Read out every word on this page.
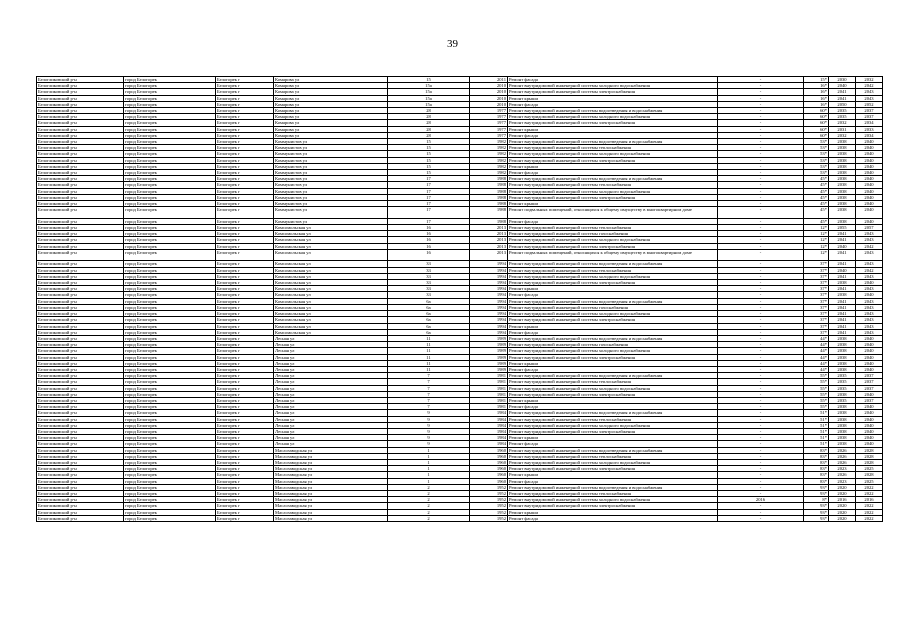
39
Белогликовский р-н	город Белогорек	Белогорек г	Комарова ул	15	2011	Ремонт фасада	-	15*	2030	2032
Белогликовский р-н	город Белогорек	Белогорек г	Комарова ул	15а	2010	Ремонт внутридомовой инженерной системы холодного водоснабжения	-	16*	2040	2042
Белогликовский р-н	город Белогорек	Белогорек г	Комарова ул	15а	2010	Ремонт внутридомовой инженерной системы электроснабжения	-	16*	2041	2043
Белогликовский р-н	город Белогорек	Белогорек г	Комарова ул	15а	2010	Ремонт крыши	-	16*	2041	2043
Белогликовский р-н	город Белогорек	Белогорек г	Комарова ул	15а	2010	Ремонт фасада	-	16*	2050	2052
Белогликовский р-н	город Белогорек	Белогорек г	Комарова ул	28	1977	Ремонт внутридомовой инженерной системы водоотведения и водоснабжения	-	60*	2035	2037
Белогликовский р-н	город Белогорек	Белогорек г	Комарова ул	28	1977	Ремонт внутридомовой инженерной системы холодного водоснабжения	-	60*	2035	2037
Белогликовский р-н	город Белогорек	Белогорек г	Комарова ул	28	1977	Ремонт внутридомовой инженерной системы электроснабжения	-	60*	2032	2034
Белогликовский р-н	город Белогорек	Белогорек г	Комарова ул	28	1977	Ремонт крыши	-	60*	2031	2033
Белогликовский р-н	город Белогорек	Белогорек г	Комарова ул	28	1977	Ремонт фасада	-	60*	2032	2034
Белогликовский р-н	город Белогорек	Белогорек г	Коммунистов ул	15	1982	Ремонт внутридомовой инженерной системы водоотведения и водоснабжения	-	53*	2038	2040
Белогликовский р-н	город Белогорек	Белогорек г	Коммунистов ул	15	1982	Ремонт внутридомовой инженерной системы теплоснабжения	-	53*	2038	2040
Белогликовский р-н	город Белогорек	Белогорек г	Коммунистов ул	15	1982	Ремонт внутридомовой инженерной системы холодного водоснабжения	-	53*	2038	2040
Белогликовский р-н	город Белогорек	Белогорек г	Коммунистов ул	15	1982	Ремонт внутридомовой инженерной системы электроснабжения	-	53*	2038	2040
Белогликовский р-н	город Белогорек	Белогорек г	Коммунистов ул	15	1982	Ремонт крыши	-	53*	2038	2040
Белогликовский р-н	город Белогорек	Белогорек г	Коммунистов ул	15	1982	Ремонт фасада	-	53*	2038	2040
Белогликовский р-н	город Белогорек	Белогорек г	Коммунистов ул	17	1988	Ремонт внутридомовой инженерной системы водоотведения и водоснабжения	-	45*	2038	2040
Белогликовский р-н	город Белогорек	Белогорек г	Коммунистов ул	17	1988	Ремонт внутридомовой инженерной системы теплоснабжения	-	45*	2038	2040
Белогликовский р-н	город Белогорек	Белогорек г	Коммунистов ул	17	1988	Ремонт внутридомовой инженерной системы холодного водоснабжения	-	45*	2038	2040
Белогликовский р-н	город Белогорек	Белогорек г	Коммунистов ул	17	1988	Ремонт внутридомовой инженерной системы электроснабжения	-	45*	2038	2040
Белогликовский р-н	город Белогорек	Белогорек г	Коммунистов ул	17	1988	Ремонт крыши	-	45*	2038	2040
Белогликовский р-н	город Белогорек	Белогорек г	Коммунистов ул	17	1988	Ремонт подвальных помещений, относящихся к общему имуществу в многоквартирном доме	-	45*	2038	2040
Белогликовский р-н	город Белогорек	Белогорек г	Коммунистов ул	17	1988	Ремонт фасада	-	45*	2038	2040
Белогликовский р-н	город Белогорек	Белогорек г	Комсомольская ул	16	2013	Ремонт внутридомовой инженерной системы теплоснабжения	-	12*	2055	2057
Белогликовский р-н	город Белогорек	Белогорек г	Комсомольская ул	16	2013	Ремонт внутридомовой инженерной системы газоснабжения	-	12*	2041	2043
Белогликовский р-н	город Белогорек	Белогорек г	Комсомольская ул	16	2013	Ремонт внутридомовой инженерной системы холодного водоснабжения	-	12*	2041	2043
Белогликовский р-н	город Белогорек	Белогорек г	Комсомольская ул	16	2013	Ремонт внутридомовой инженерной системы электроснабжения	-	12*	2040	2042
Белогликовский р-н	город Белогорек	Белогорек г	Комсомольская ул	16	2013	Ремонт подвальных помещений, относящихся к общему имуществу в многоквартирном доме	-	12*	2041	2043
Белогликовский р-н	город Белогорек	Белогорек г	Комсомольская ул	33	1994	Ремонт внутридомовой инженерной системы водоотведения и водоснабжения	-	37*	2041	2043
Белогликовский р-н	город Белогорек	Белогорек г	Комсомольская ул	33	1994	Ремонт внутридомовой инженерной системы теплоснабжения	-	37*	2040	2042
Белогликовский р-н	город Белогорек	Белогорек г	Комсомольская ул	33	1994	Ремонт внутридомовой инженерной системы холодного водоснабжения	-	37*	2041	2043
Белогликовский р-н	город Белогорек	Белогорек г	Комсомольская ул	33	1994	Ремонт внутридомовой инженерной системы электроснабжения	-	37*	2038	2040
Белогликовский р-н	город Белогорек	Белогорек г	Комсомольская ул	33	1994	Ремонт крыши	-	37*	2041	2043
Белогликовский р-н	город Белогорек	Белогорек г	Комсомольская ул	33	1994	Ремонт фасада	-	37*	2038	2040
Белогликовский р-н	город Белогорек	Белогорек г	Комсомольская ул	6а	1994	Ремонт внутридомовой инженерной системы водоотведения и водоснабжения	-	37*	2041	2043
Белогликовский р-н	город Белогорек	Белогорек г	Комсомольская ул	6а	1994	Ремонт внутридомовой инженерной системы газоснабжения	-	37*	2041	2043
Белогликовский р-н	город Белогорек	Белогорек г	Комсомольская ул	6а	1994	Ремонт внутридомовой инженерной системы холодного водоснабжения	-	37*	2041	2043
Белогликовский р-н	город Белогорек	Белогорек г	Комсомольская ул	6а	1994	Ремонт внутридомовой инженерной системы электроснабжения	-	37*	2041	2043
Белогликовский р-н	город Белогорек	Белогорек г	Комсомольская ул	6а	1994	Ремонт крыши	-	37*	2041	2043
Белогликовский р-н	город Белогорек	Белогорек г	Комсомольская ул	6а	1994	Ремонт фасада	-	37*	2041	2043
Белогликовский р-н	город Белогорек	Белогорек г	Лесная ул	11	1989	Ремонт внутридомовой инженерной системы водоотведения и водоснабжения	-	44*	2038	2040
Белогликовский р-н	город Белогорек	Белогорек г	Лесная ул	11	1989	Ремонт внутридомовой инженерной системы газоснабжения	-	44*	2038	2040
Белогликовский р-н	город Белогорек	Белогорек г	Лесная ул	11	1989	Ремонт внутридомовой инженерной системы холодного водоснабжения	-	44*	2038	2040
Белогликовский р-н	город Белогорек	Белогорек г	Лесная ул	11	1989	Ремонт внутридомовой инженерной системы электроснабжения	-	44*	2038	2040
Белогликовский р-н	город Белогорек	Белогорек г	Лесная ул	11	1989	Ремонт крыши	-	44*	2038	2040
Белогликовский р-н	город Белогорек	Белогорек г	Лесная ул	11	1989	Ремонт фасада	-	44*	2038	2040
Белогликовский р-н	город Белогорек	Белогорек г	Лесная ул	7	1981	Ремонт внутридомовой инженерной системы водоотведения и водоснабжения	-	55*	2035	2037
Белогликовский р-н	город Белогорек	Белогорек г	Лесная ул	7	1981	Ремонт внутридомовой инженерной системы теплоснабжения	-	55*	2035	2037
Белогликовский р-н	город Белогорек	Белогорек г	Лесная ул	7	1981	Ремонт внутридомовой инженерной системы холодного водоснабжения	-	55*	2035	2037
Белогликовский р-н	город Белогорек	Белогорек г	Лесная ул	7	1981	Ремонт внутридомовой инженерной системы электроснабжения	-	55*	2038	2040
Белогликовский р-н	город Белогорек	Белогорек г	Лесная ул	7	1981	Ремонт крыши	-	55*	2035	2037
Белогликовский р-н	город Белогорек	Белогорек г	Лесная ул	7	1981	Ремонт фасада	-	55*	2038	2040
Белогликовский р-н	город Белогорек	Белогорек г	Лесная ул	9	1984	Ремонт внутридомовой инженерной системы водоотведения и водоснабжения	-	51*	2038	2040
Белогликовский р-н	город Белогорек	Белогорек г	Лесная ул	9	1984	Ремонт внутридомовой инженерной системы теплоснабжения	-	51*	2038	2040
Белогликовский р-н	город Белогорек	Белогорек г	Лесная ул	9	1984	Ремонт внутридомовой инженерной системы холодного водоснабжения	-	51*	2038	2040
Белогликовский р-н	город Белогорек	Белогорек г	Лесная ул	9	1984	Ремонт внутридомовой инженерной системы электроснабжения	-	51*	2038	2040
Белогликовский р-н	город Белогорек	Белогорек г	Лесная ул	9	1984	Ремонт крыши	-	51*	2038	2040
Белогликовский р-н	город Белогорек	Белогорек г	Лесная ул	9	1984	Ремонт фасада	-	51*	2038	2040
Белогликовский р-н	город Белогорек	Белогорек г	Маслозаводская ул	1	1960	Ремонт внутридомовой инженерной системы водоотведения и водоснабжения	-	83*	2026	2028
Белогликовский р-н	город Белогорек	Белогорек г	Маслозаводская ул	1	1960	Ремонт внутридомовой инженерной системы теплоснабжения	-	83*	2026	2028
Белогликовский р-н	город Белогорек	Белогорек г	Маслозаводская ул	1	1960	Ремонт внутридомовой инженерной системы холодного водоснабжения	-	83*	2026	2028
Белогликовский р-н	город Белогорек	Белогорек г	Маслозаводская ул	1	1960	Ремонт внутридомовой инженерной системы электроснабжения	-	83*	2023	2025
Белогликовский р-н	город Белогорек	Белогорек г	Маслозаводская ул	1	1960	Ремонт крыши	-	83*	2026	2028
Белогликовский р-н	город Белогорек	Белогорек г	Маслозаводская ул	1	1960	Ремонт фасада	-	83*	2023	2025
Белогликовский р-н	город Белогорек	Белогорек г	Маслозаводская ул	2	1952	Ремонт внутридомовой инженерной системы водоотведения и водоснабжения	-	93*	2020	2022
Белогликовский р-н	город Белогорек	Белогорек г	Маслозаводская ул	2	1952	Ремонт внутридомовой инженерной системы теплоснабжения	-	93*	2020	2022
Белогликовский р-н	город Белогорек	Белогорек г	Маслозаводская ул	2	1952	Ремонт внутридомовой инженерной системы холодного водоснабжения	2016	8*	2016	2016
Белогликовский р-н	город Белогорек	Белогорек г	Маслозаводская ул	2	1952	Ремонт внутридомовой инженерной системы электроснабжения	-	93*	2020	2022
Белогликовский р-н	город Белогорек	Белогорек г	Маслозаводская ул	2	1952	Ремонт крыши	-	93*	2020	2022
Белогликовский р-н	город Белогорек	Белогорек г	Маслозаводская ул	2	1952	Ремонт фасада	-	93*	2020	2022
